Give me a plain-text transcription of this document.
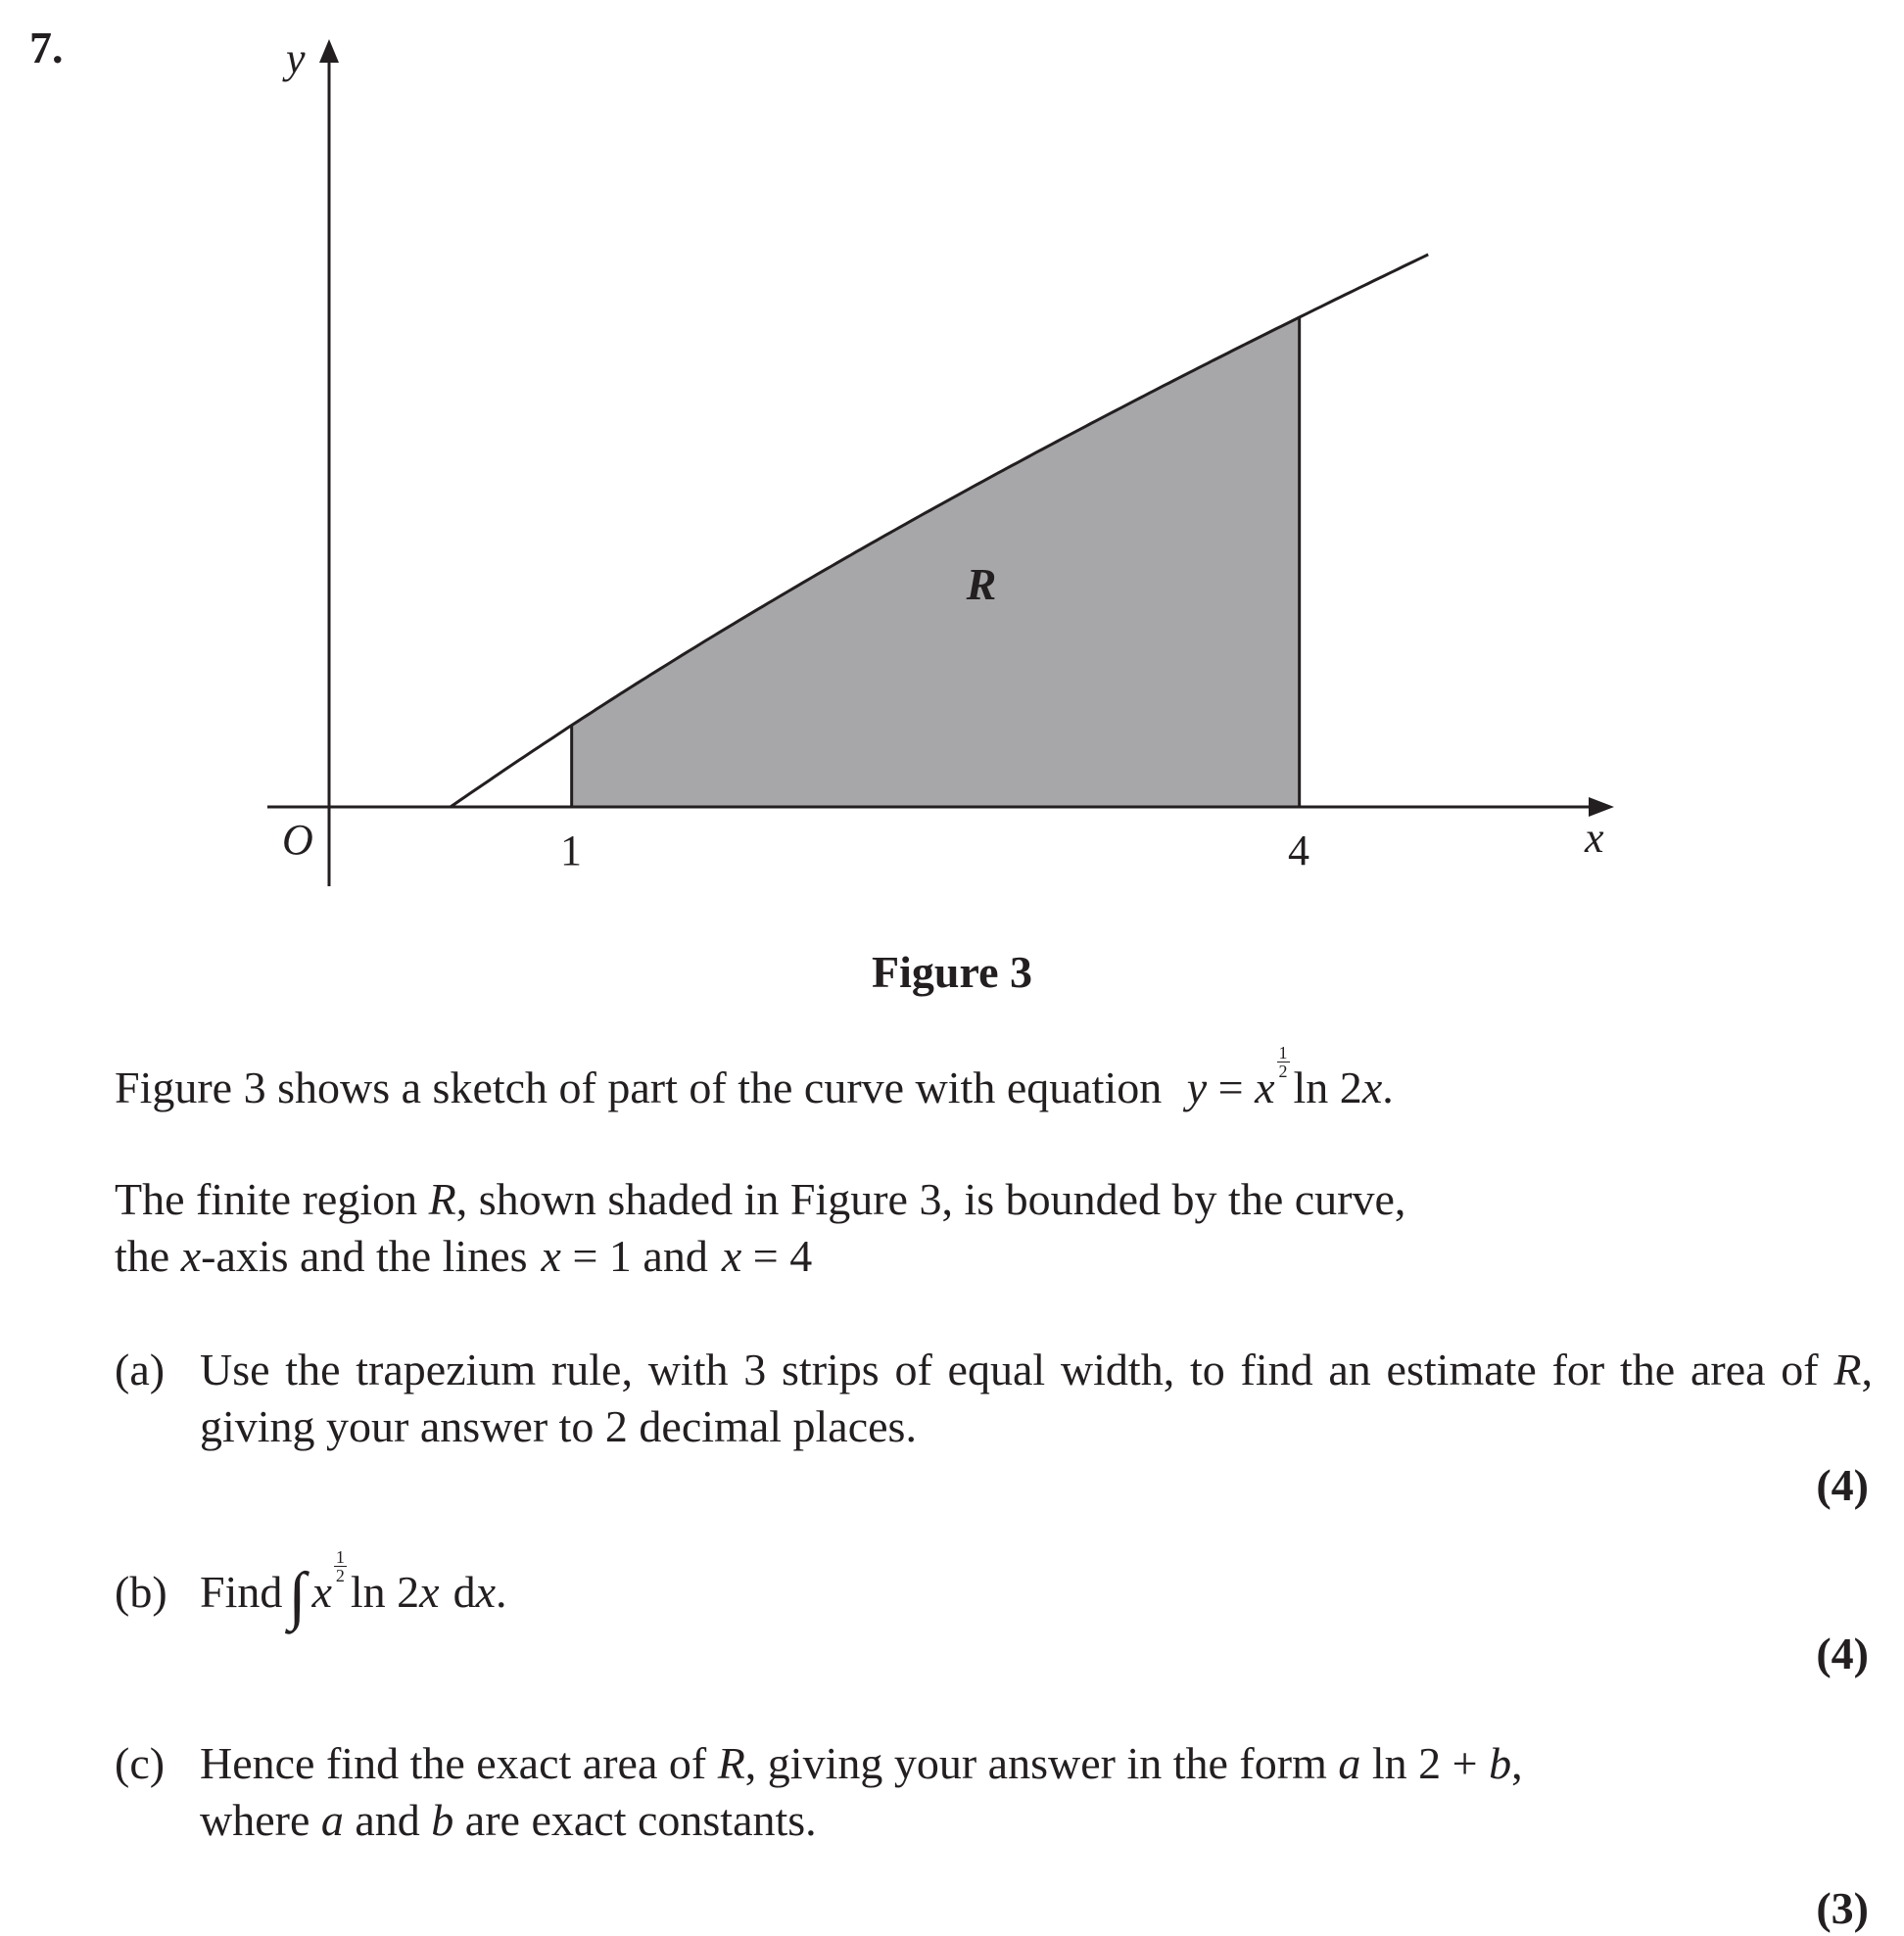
7.	y
x
O	1	4
R
Figure 3
Figure 3 shows a sketch of part of the curve with equation y = x
$\frac{1}{2}$
ln 2x.
The finite region R, shown shaded in Figure 3, is bounded by the curve,
the x-axis and the lines x = 1 and x = 4
(a) Use the trapezium rule, with 3 strips of equal width, to find an estimate for the area of R, giving your answer to 2 decimal places.
(4)
(b) Find∫ x
$\frac{1}{2}$
ln 2x dx.
(4)
(c) Hence find the exact area of R, giving your answer in the form a ln 2 + b,
where a and b are exact constants.
(3)
